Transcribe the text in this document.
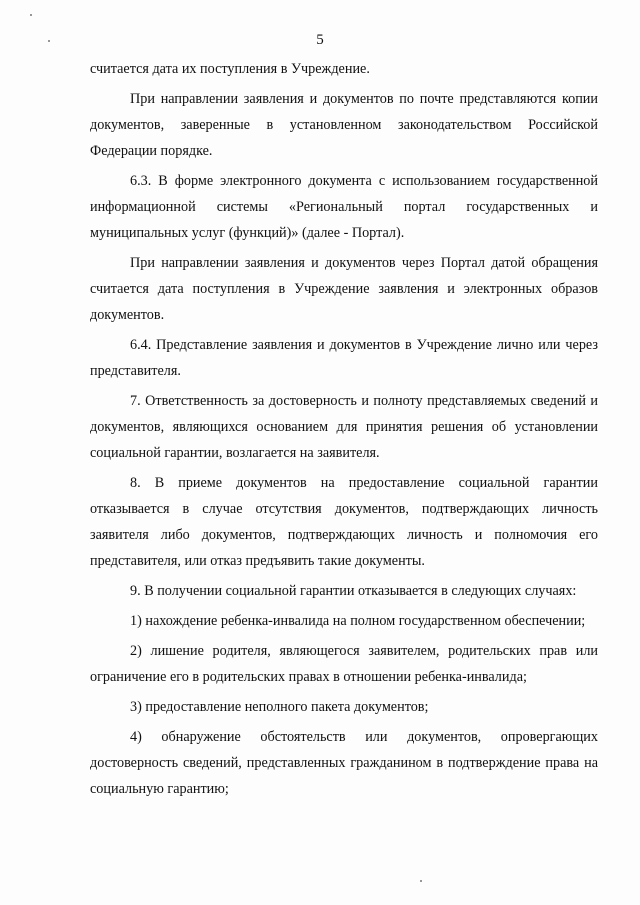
5

считается дата их поступления в Учреждение.

При направлении заявления и документов по почте представляются копии документов, заверенные в установленном законодательством Российской Федерации порядке.

6.3. В форме электронного документа с использованием государственной информационной системы «Региональный портал государственных и муниципальных услуг (функций)» (далее - Портал).

При направлении заявления и документов через Портал датой обращения считается дата поступления в Учреждение заявления и электронных образов документов.

6.4. Представление заявления и документов в Учреждение лично или через представителя.

7. Ответственность за достоверность и полноту представляемых сведений и документов, являющихся основанием для принятия решения об установлении социальной гарантии, возлагается на заявителя.

8. В приеме документов на предоставление социальной гарантии отказывается в случае отсутствия документов, подтверждающих личность заявителя либо документов, подтверждающих личность и полномочия его представителя, или отказ предъявить такие документы.

9. В получении социальной гарантии отказывается в следующих случаях:

1) нахождение ребенка-инвалида на полном государственном обеспечении;

2) лишение родителя, являющегося заявителем, родительских прав или ограничение его в родительских правах в отношении ребенка-инвалида;

3) предоставление неполного пакета документов;

4) обнаружение обстоятельств или документов, опровергающих достоверность сведений, представленных гражданином в подтверждение права на социальную гарантию;
